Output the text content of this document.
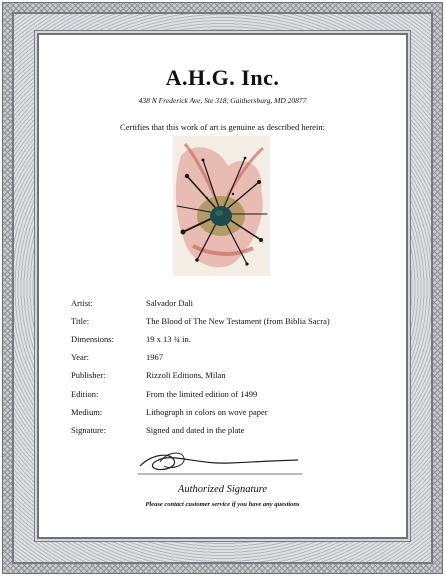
A.H.G. Inc.
438 N Frederick Ave, Ste 318, Gaithersburg, MD 20877
Certifies that this work of art is genuine as described herein:
Artist:	Salvador Dali
Title:	The Blood of The New Testament (from Biblia Sacra)
Dimensions:	19 x 13 ¾ in.
Year:	1967
Publisher:	Rizzoli Editions, Milan
Edition:	From the limited edition of 1499
Medium:	Lithograph in colors on wove paper
Signature:	Signed and dated in the plate
Authorized Signature
Please contact customer service if you have any questions
